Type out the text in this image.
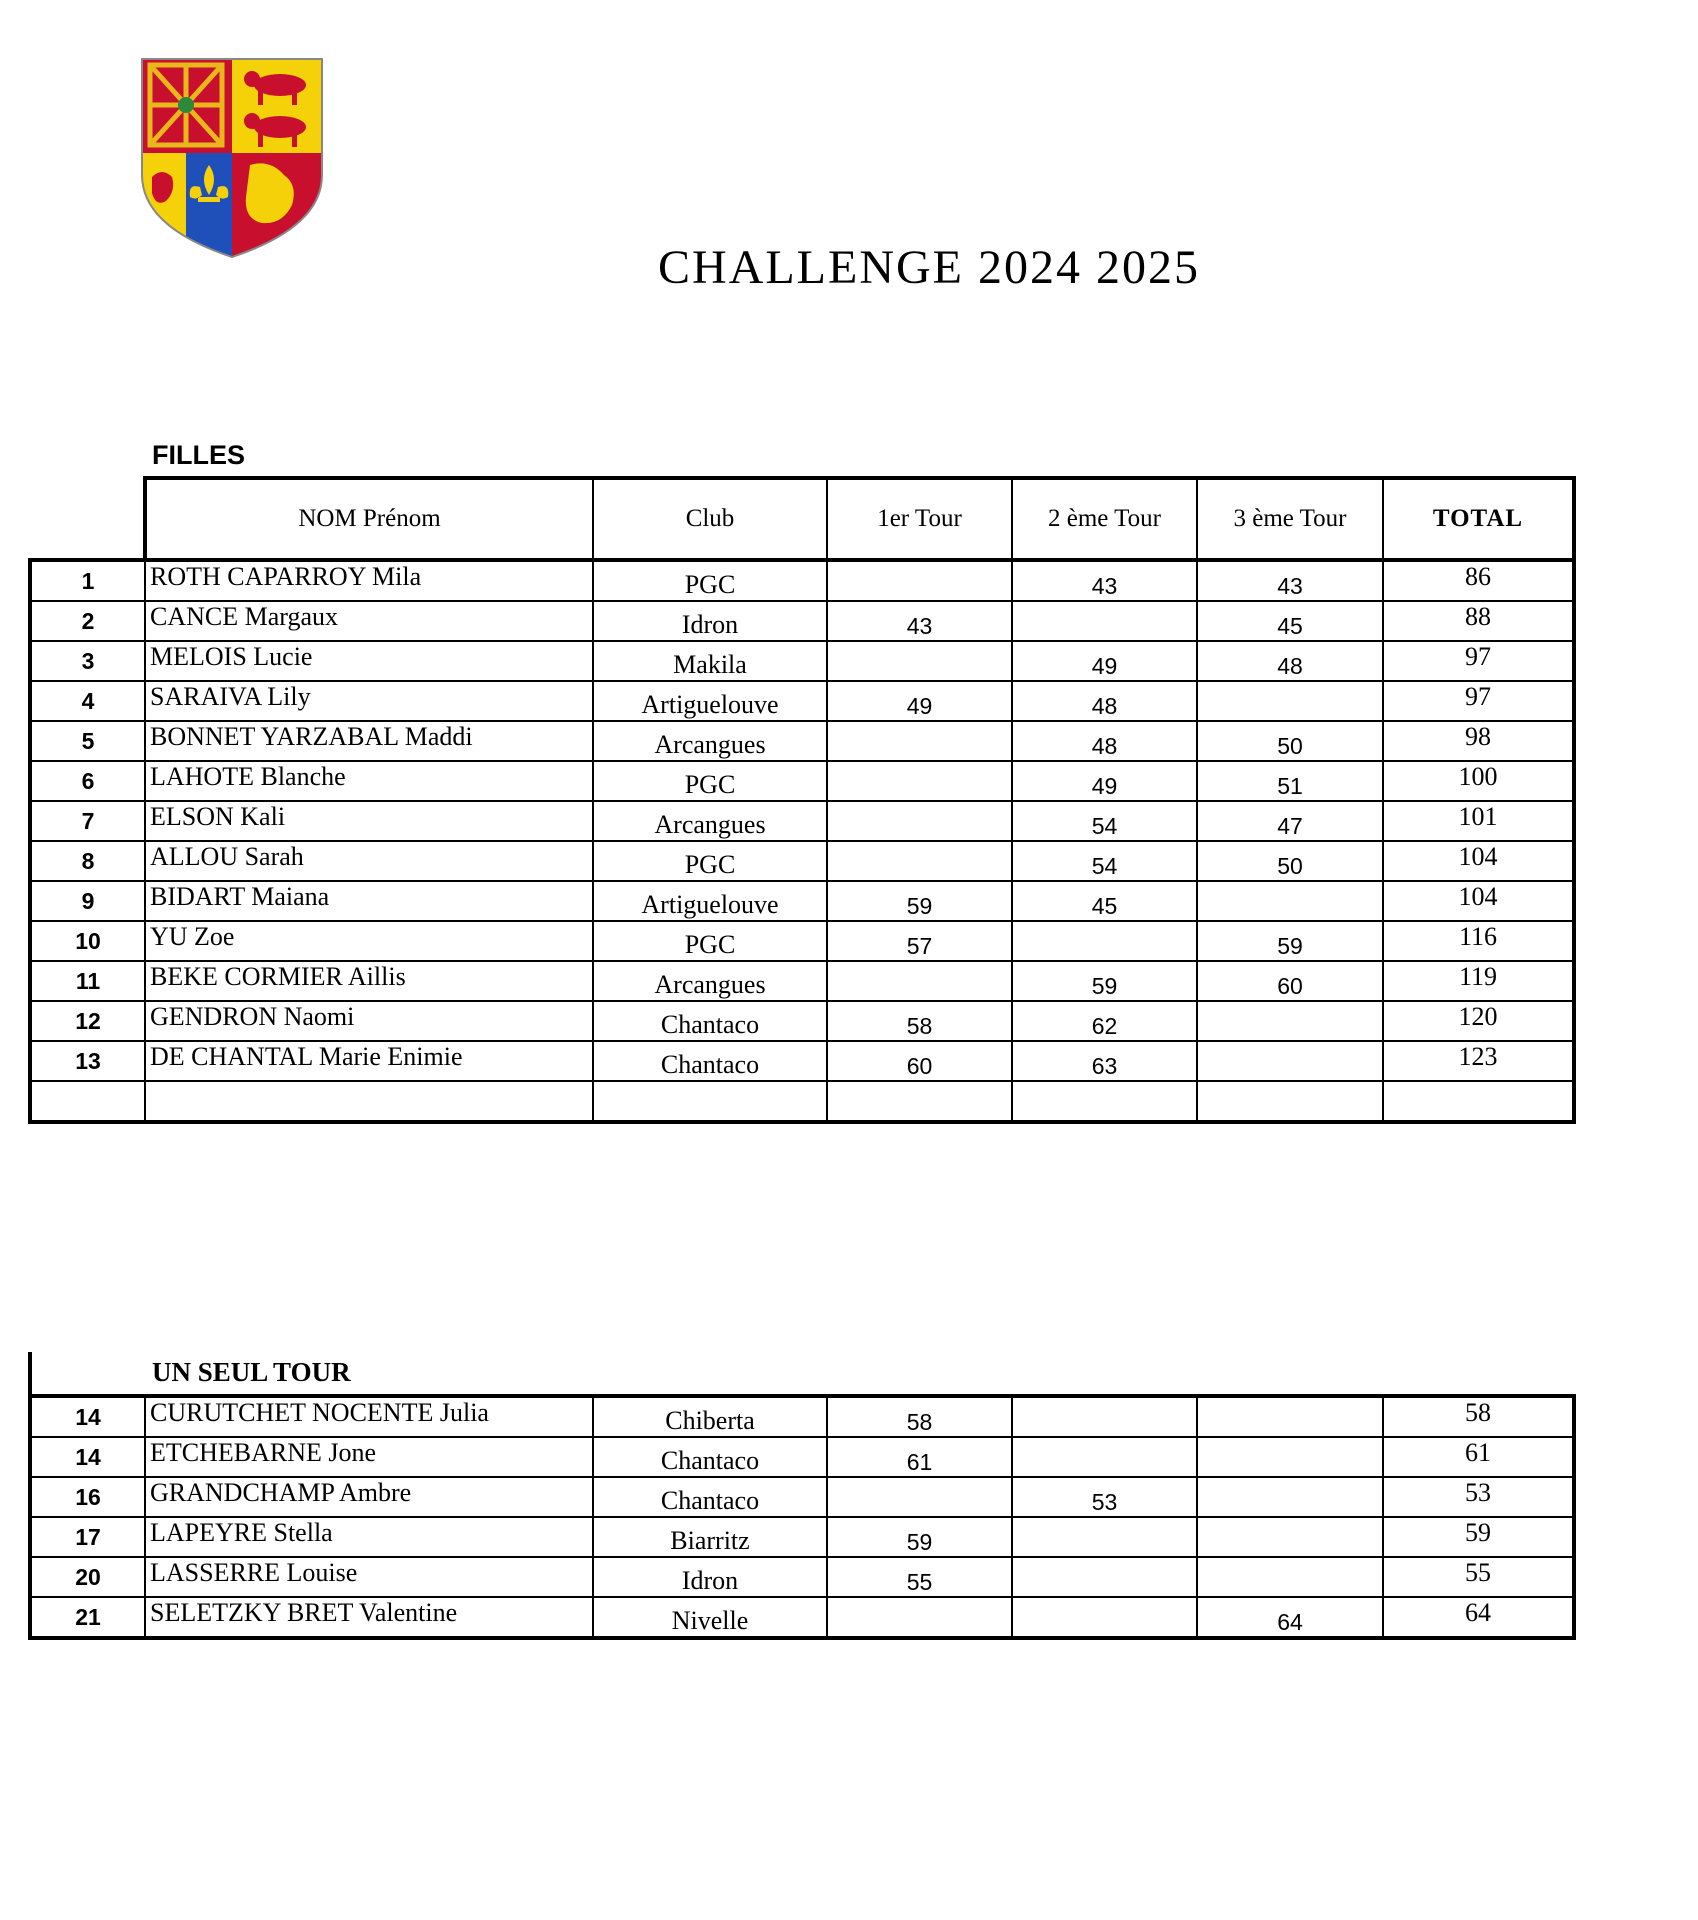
CHALLENGE 2024 2025
FILLES
	NOM Prénom	Club	1er Tour	2 ème Tour	3 ème Tour	TOTAL
1	ROTH CAPARROY Mila	PGC		43	43	86
2	CANCE Margaux	Idron	43		45	88
3	MELOIS Lucie	Makila		49	48	97
4	SARAIVA Lily	Artiguelouve	49	48		97
5	BONNET YARZABAL Maddi	Arcangues		48	50	98
6	LAHOTE Blanche	PGC		49	51	100
7	ELSON Kali	Arcangues		54	47	101
8	ALLOU Sarah	PGC		54	50	104
9	BIDART Maiana	Artiguelouve	59	45		104
10	YU Zoe	PGC	57		59	116
11	BEKE CORMIER Aillis	Arcangues		59	60	119
12	GENDRON Naomi	Chantaco	58	62		120
13	DE CHANTAL Marie Enimie	Chantaco	60	63		123

UN SEUL TOUR
14	CURUTCHET NOCENTE Julia	Chiberta	58			58
14	ETCHEBARNE Jone	Chantaco	61			61
16	GRANDCHAMP Ambre	Chantaco		53		53
17	LAPEYRE Stella	Biarritz	59			59
20	LASSERRE Louise	Idron	55			55
21	SELETZKY BRET Valentine	Nivelle			64	64
